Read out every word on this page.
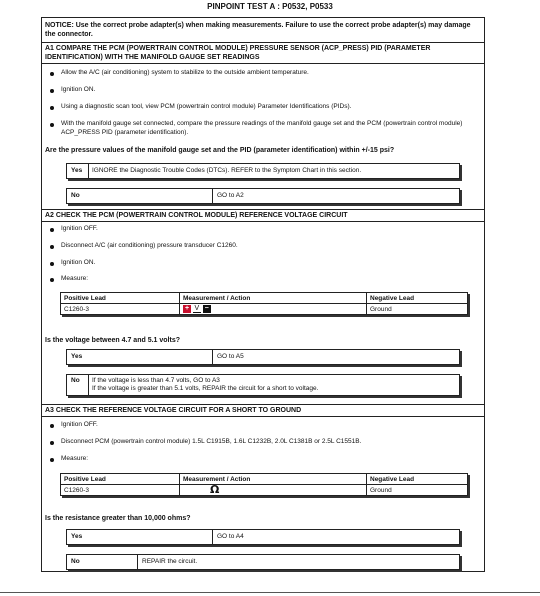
PINPOINT TEST A : P0532, P0533
NOTICE: Use the correct probe adapter(s) when making measurements. Failure to use the correct probe adapter(s) may damage the connector.
A1 COMPARE THE PCM (POWERTRAIN CONTROL MODULE) PRESSURE SENSOR (ACP_PRESS) PID (PARAMETER IDENTIFICATION) WITH THE MANIFOLD GAUGE SET READINGS
Allow the A/C (air conditioning) system to stabilize to the outside ambient temperature.
Ignition ON.
Using a diagnostic scan tool, view PCM (powertrain control module) Parameter Identifications (PIDs).
With the manifold gauge set connected, compare the pressure readings of the manifold gauge set and the PCM (powertrain control module) ACP_PRESS PID (parameter identification).
Are the pressure values of the manifold gauge set and the PID (parameter identification) within +/-15 psi?
Yes IGNORE the Diagnostic Trouble Codes (DTCs). REFER to the Symptom Chart in this section.
No	GO to A2
A2 CHECK THE PCM (POWERTRAIN CONTROL MODULE) REFERENCE VOLTAGE CIRCUIT
Ignition OFF.
Disconnect A/C (air conditioning) pressure transducer C1260.
Ignition ON.
Measure:
Positive Lead	Measurement / Action	Negative Lead
C1260-3	+ V −	Ground
Is the voltage between 4.7 and 5.1 volts?
Yes	GO to A5
No If the voltage is less than 4.7 volts, GO to A3
If the voltage is greater than 5.1 volts, REPAIR the circuit for a short to voltage.
A3 CHECK THE REFERENCE VOLTAGE CIRCUIT FOR A SHORT TO GROUND
Ignition OFF.
Disconnect PCM (powertrain control module) 1.5L C1915B, 1.6L C1232B, 2.0L C1381B or 2.5L C1551B.
Measure:
Positive Lead	Measurement / Action	Negative Lead
C1260-3	Ω	Ground
Is the resistance greater than 10,000 ohms?
Yes	GO to A4
No	REPAIR the circuit.
